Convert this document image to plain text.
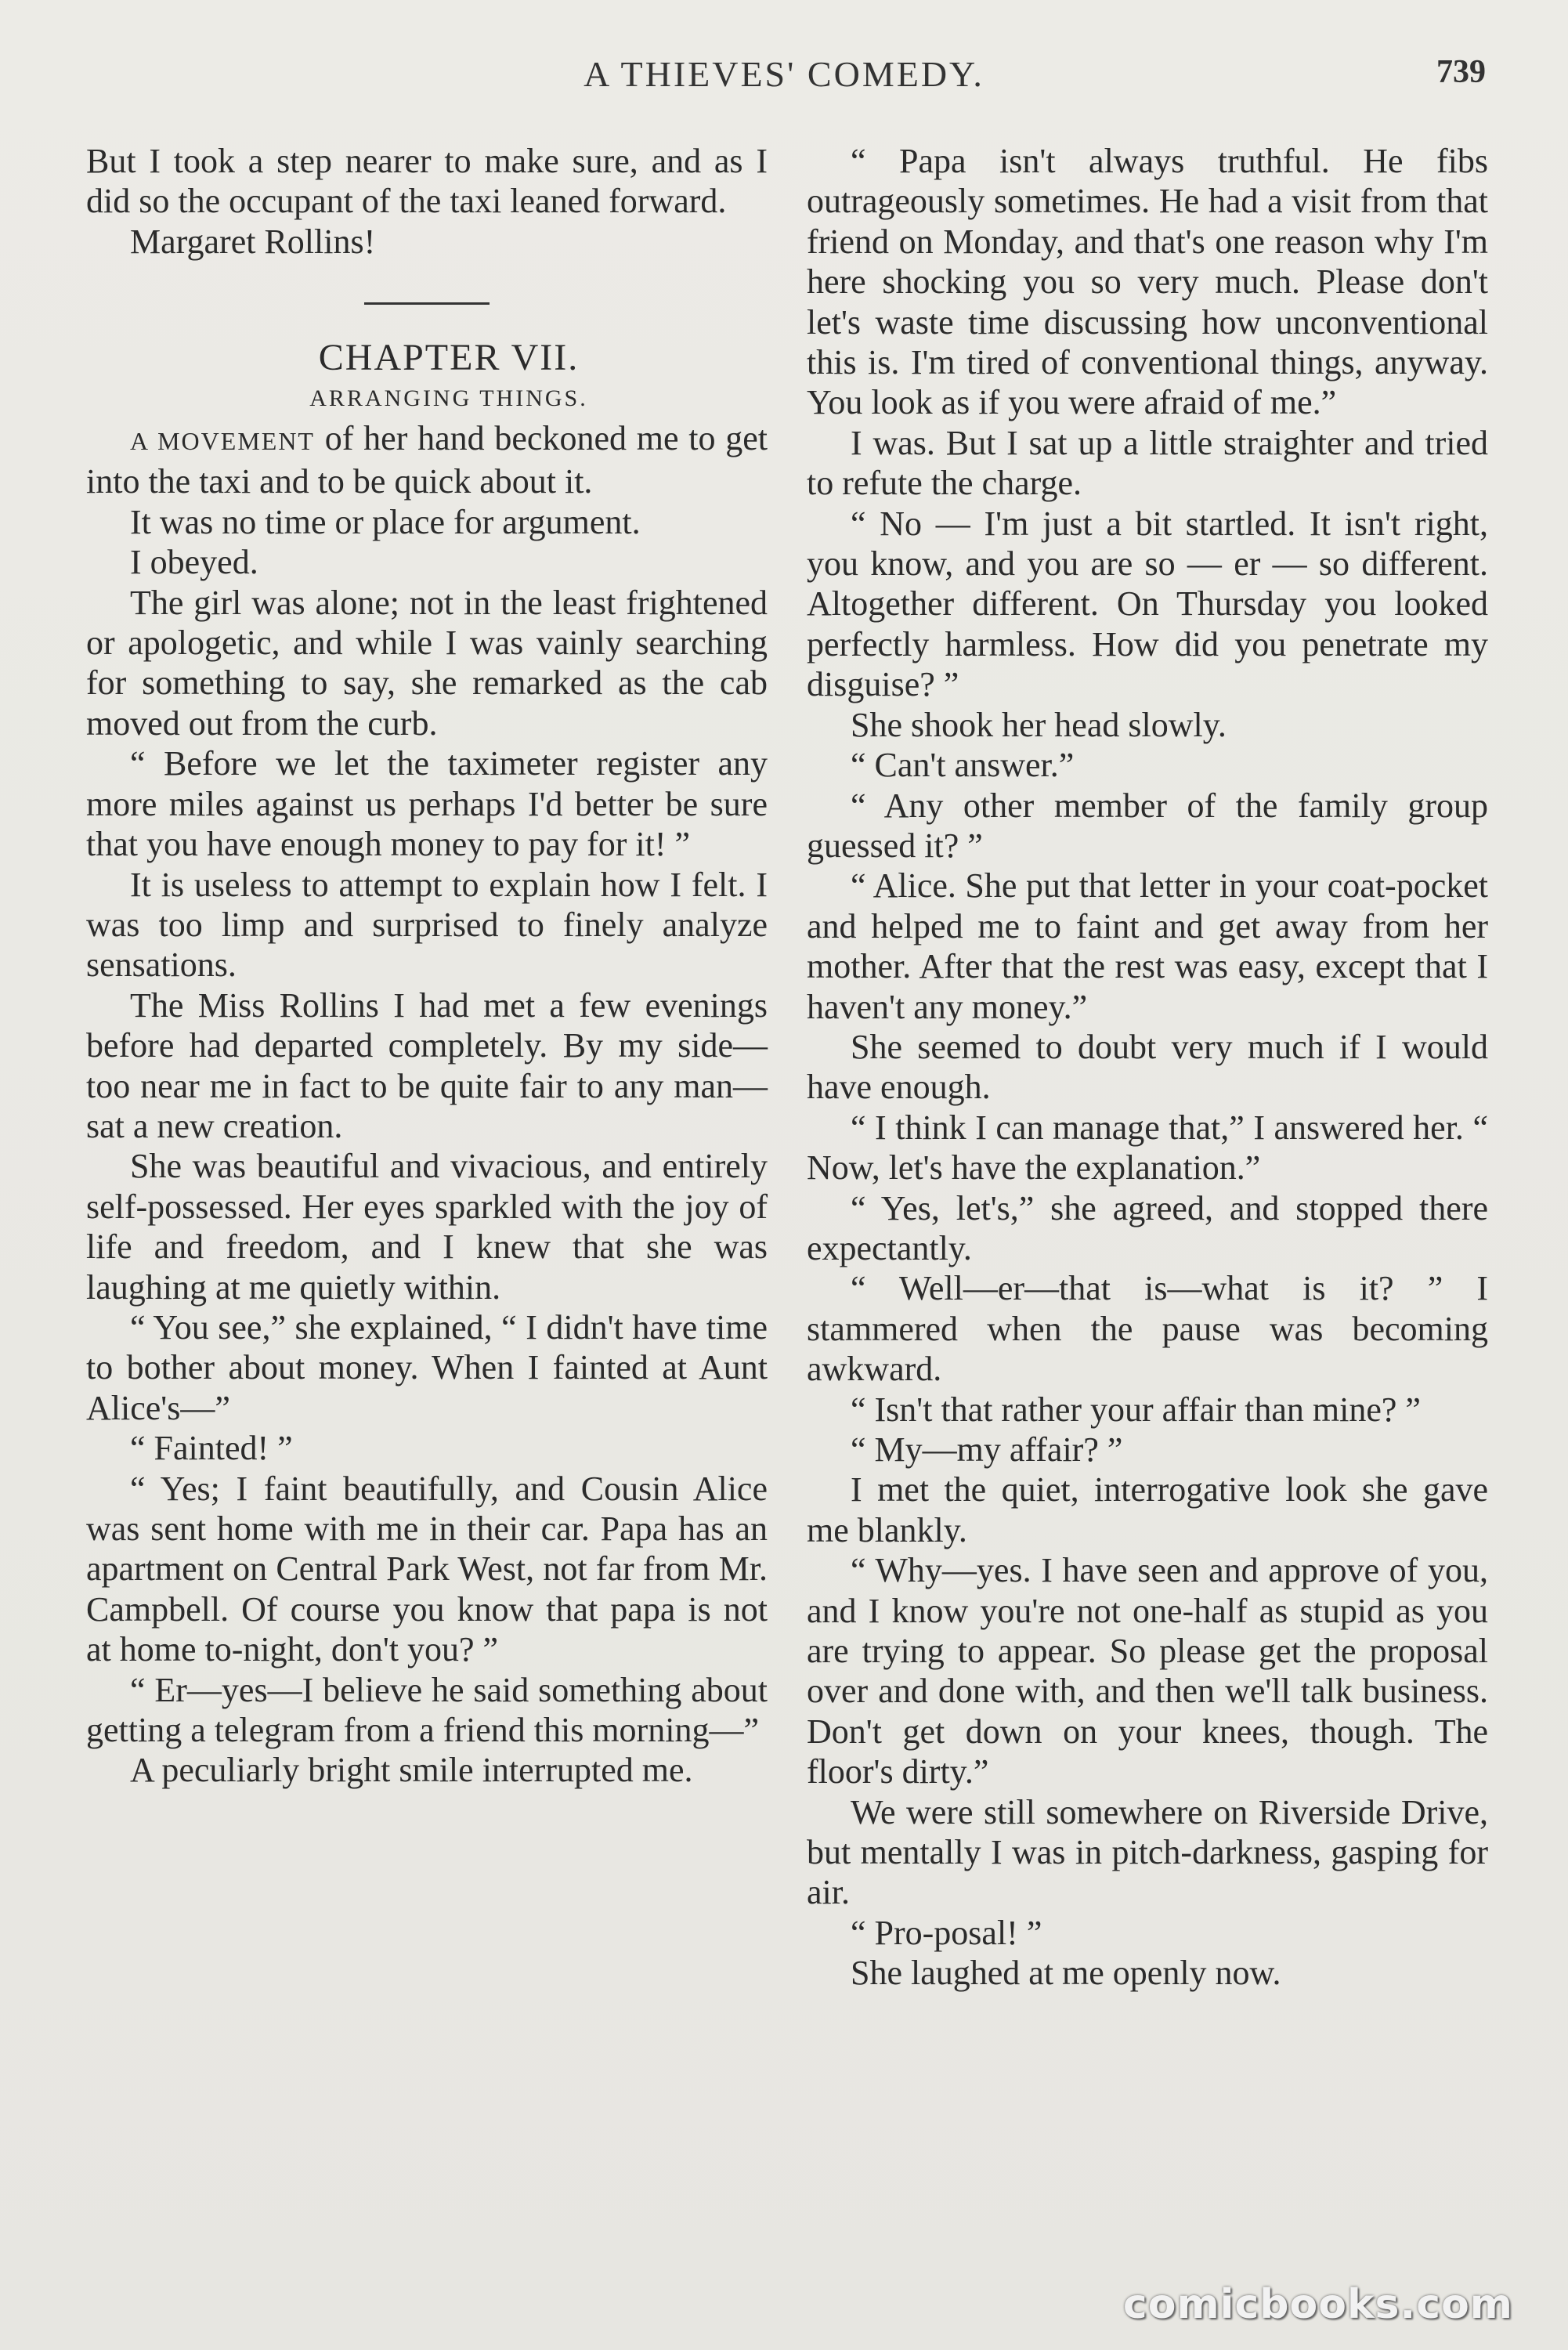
A THIEVES' COMEDY.	739

But I took a step nearer to make sure, and as I did so the occupant of the taxi leaned forward.

Margaret Rollins!

CHAPTER VII.

ARRANGING THINGS.

A MOVEMENT of her hand beckoned me to get into the taxi and to be quick about it.

It was no time or place for argument.

I obeyed.

The girl was alone; not in the least frightened or apologetic, and while I was vainly searching for something to say, she remarked as the cab moved out from the curb.

“ Before we let the taximeter register any more miles against us perhaps I'd better be sure that you have enough money to pay for it! ”

It is useless to attempt to explain how I felt. I was too limp and surprised to finely analyze sensations.

The Miss Rollins I had met a few evenings before had departed completely. By my side—too near me in fact to be quite fair to any man—sat a new creation.

She was beautiful and vivacious, and entirely self-possessed. Her eyes sparkled with the joy of life and freedom, and I knew that she was laughing at me quietly within.

“ You see,” she explained, “ I didn't have time to bother about money. When I fainted at Aunt Alice's—”

“ Fainted! ”

“ Yes; I faint beautifully, and Cousin Alice was sent home with me in their car. Papa has an apartment on Central Park West, not far from Mr. Campbell. Of course you know that papa is not at home to-night, don't you? ”

“ Er—yes—I believe he said something about getting a telegram from a friend this morning—”

A peculiarly bright smile interrupted me.

“ Papa isn't always truthful. He fibs outrageously sometimes. He had a visit from that friend on Monday, and that's one reason why I'm here shocking you so very much. Please don't let's waste time discussing how unconventional this is. I'm tired of conventional things, anyway. You look as if you were afraid of me.”

I was. But I sat up a little straighter and tried to refute the charge.

“ No — I'm just a bit startled. It isn't right, you know, and you are so — er — so different. Altogether different. On Thursday you looked perfectly harmless. How did you penetrate my disguise? ”

She shook her head slowly.

“ Can't answer.”

“ Any other member of the family group guessed it? ”

“ Alice. She put that letter in your coat-pocket and helped me to faint and get away from her mother. After that the rest was easy, except that I haven't any money.”

She seemed to doubt very much if I would have enough.

“ I think I can manage that,” I answered her. “ Now, let's have the explanation.”

“ Yes, let's,” she agreed, and stopped there expectantly.

“ Well—er—that is—what is it? ” I stammered when the pause was becoming awkward.

“ Isn't that rather your affair than mine? ”

“ My—my affair? ”

I met the quiet, interrogative look she gave me blankly.

“ Why—yes. I have seen and approve of you, and I know you're not one-half as stupid as you are trying to appear. So please get the proposal over and done with, and then we'll talk business. Don't get down on your knees, though. The floor's dirty.”

We were still somewhere on Riverside Drive, but mentally I was in pitch-darkness, gasping for air.

“ Pro-posal! ”

She laughed at me openly now.

comicbooks.com
